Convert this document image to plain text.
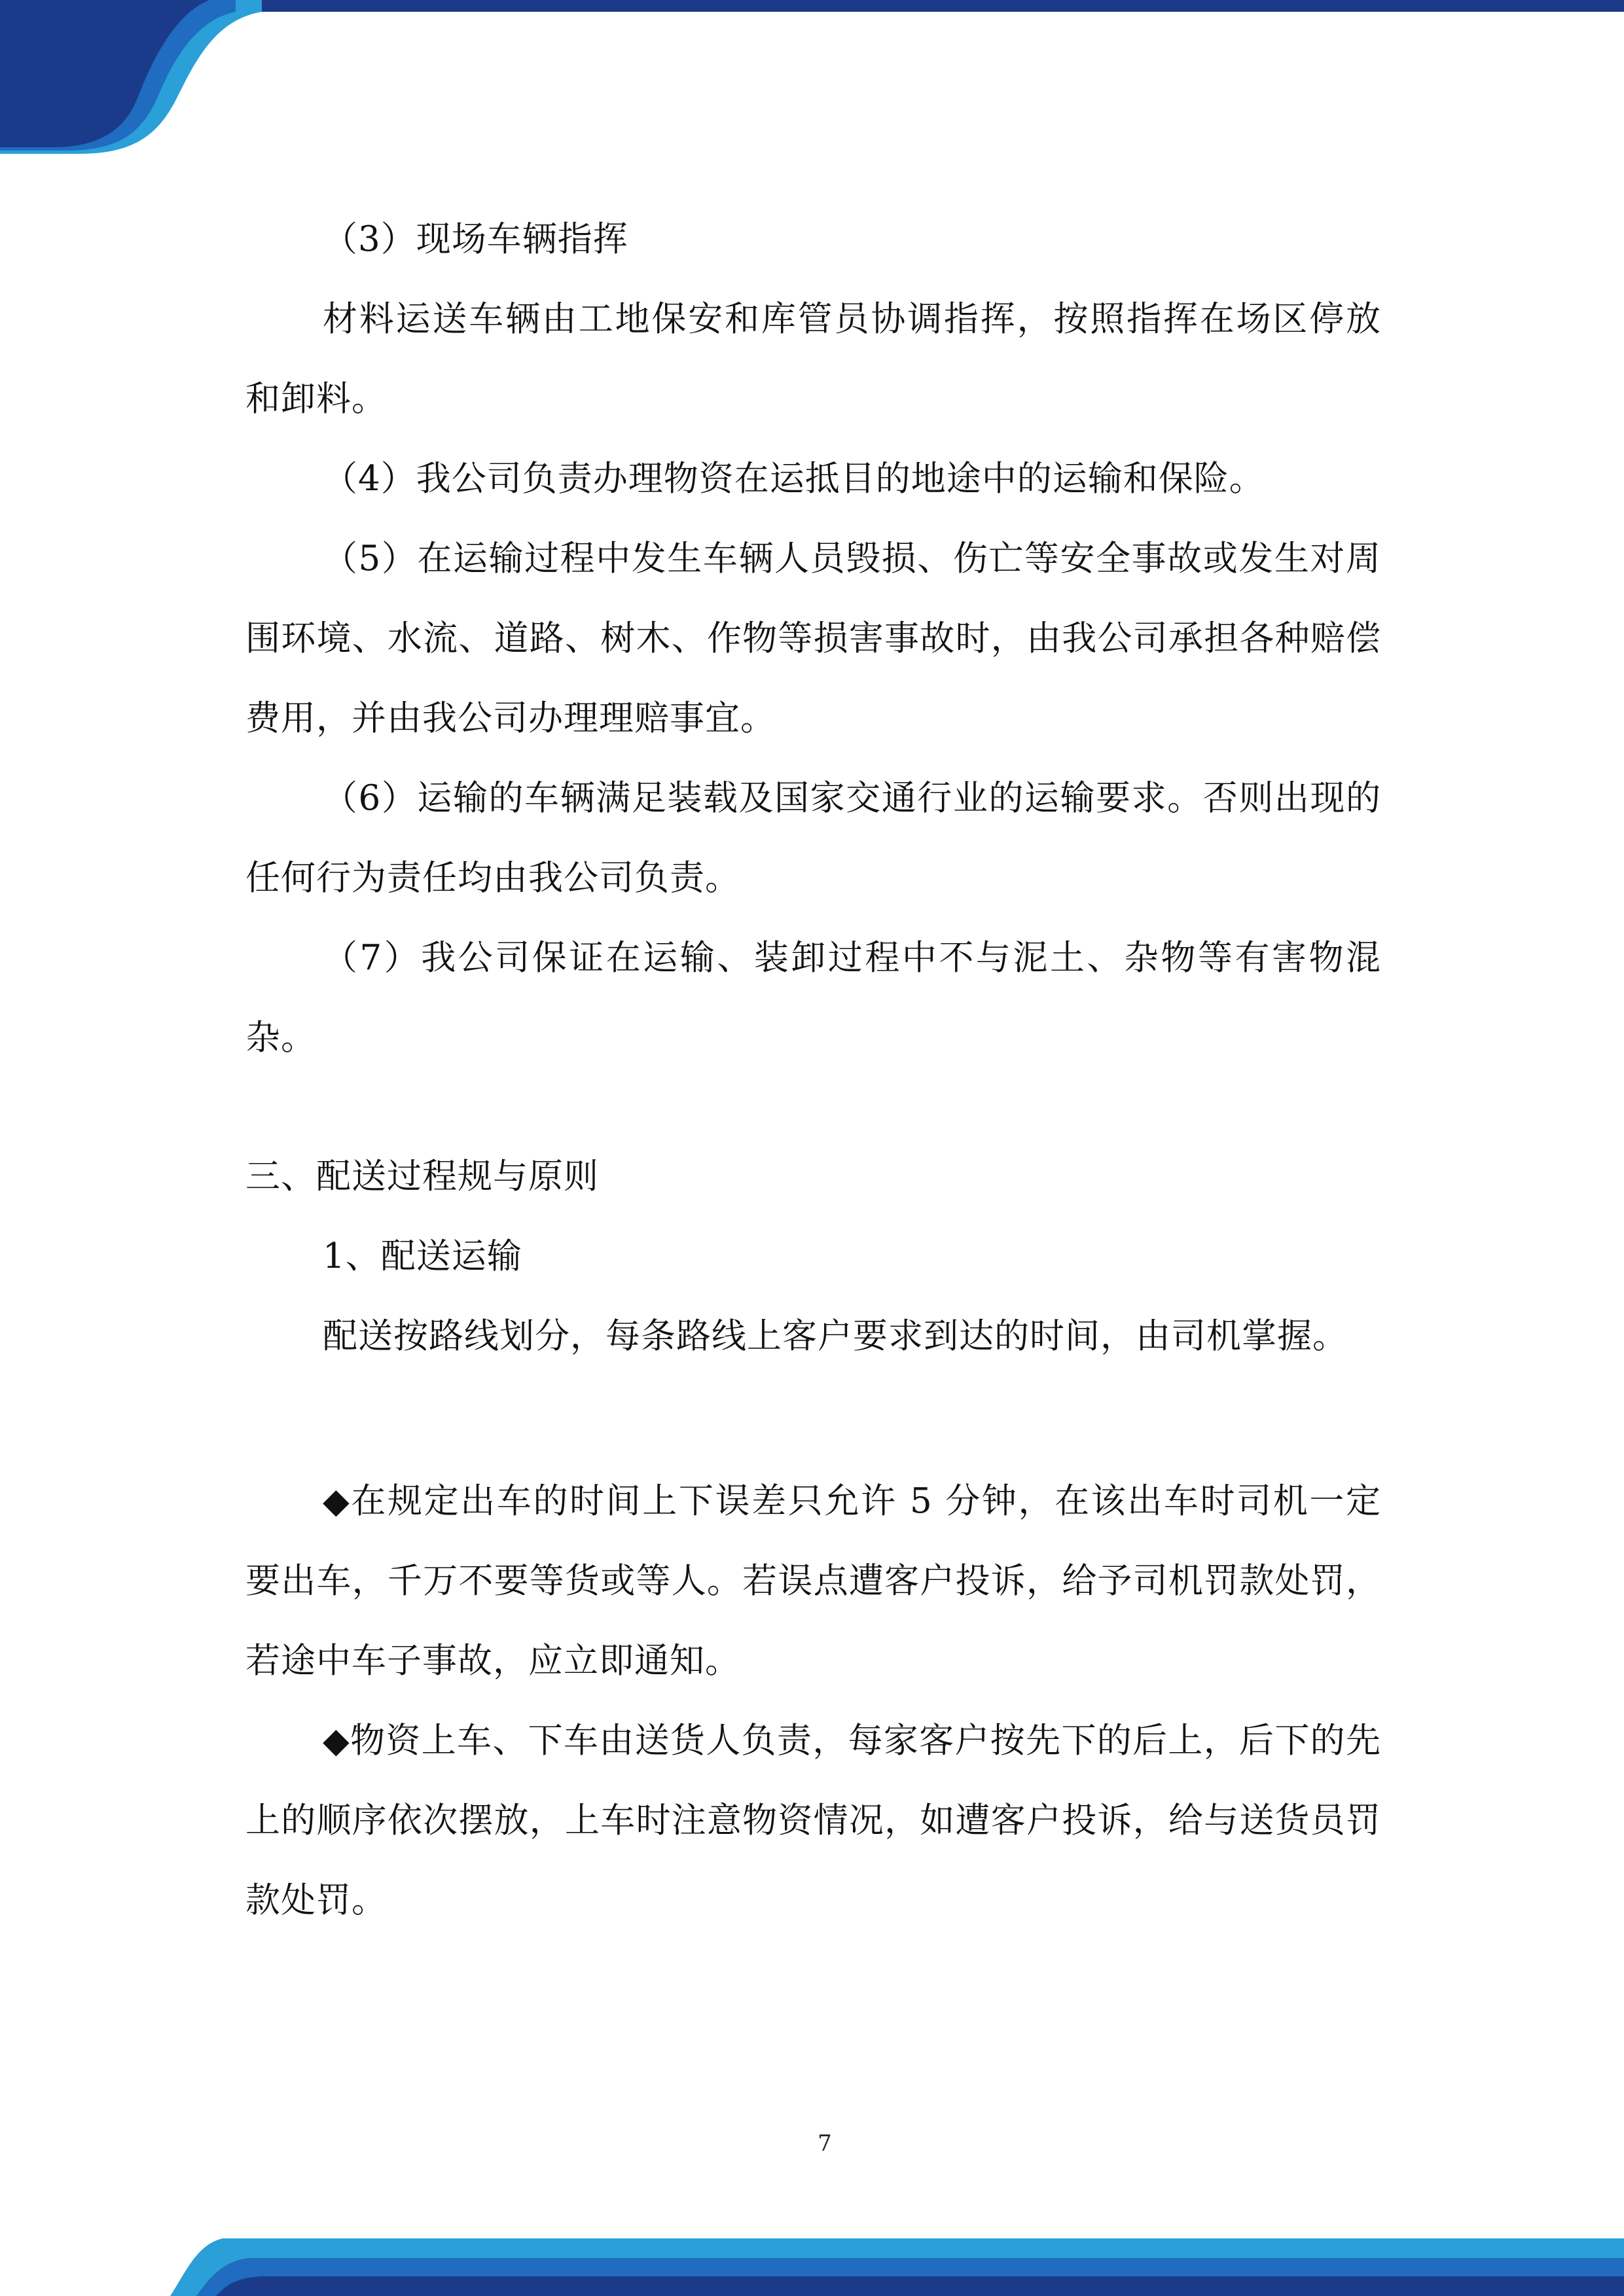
（3）现场车辆指挥

材料运送车辆由工地保安和库管员协调指挥，按照指挥在场区停放和卸料。

（4）我公司负责办理物资在运抵目的地途中的运输和保险。

（5）在运输过程中发生车辆人员毁损、伤亡等安全事故或发生对周围环境、水流、道路、树木、作物等损害事故时，由我公司承担各种赔偿费用，并由我公司办理理赔事宜。

（6）运输的车辆满足装载及国家交通行业的运输要求。否则出现的任何行为责任均由我公司负责。

（7）我公司保证在运输、装卸过程中不与泥土、杂物等有害物混杂。

三、配送过程规与原则

1、配送运输

配送按路线划分，每条路线上客户要求到达的时间，由司机掌握。

◆在规定出车的时间上下误差只允许 5 分钟，在该出车时司机一定要出车，千万不要等货或等人。若误点遭客户投诉，给予司机罚款处罚，若途中车子事故，应立即通知。

◆物资上车、下车由送货人负责，每家客户按先下的后上，后下的先上的顺序依次摆放，上车时注意物资情况，如遭客户投诉，给与送货员罚款处罚。

7
